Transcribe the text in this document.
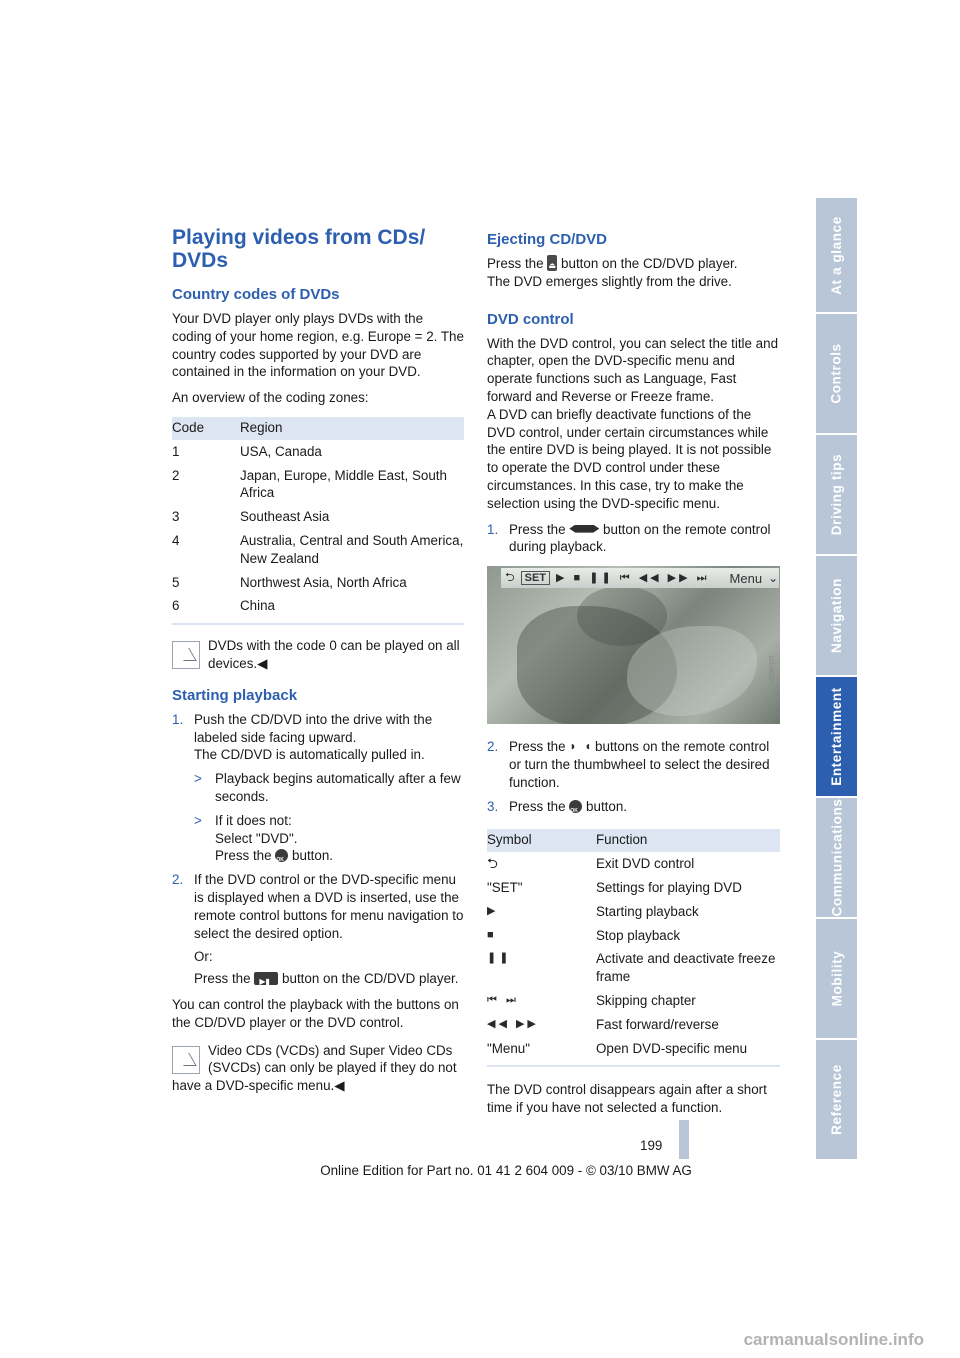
At a glance
Controls
Driving tips
Navigation
Entertainment
Communications
Mobility
Reference
Playing videos from CDs/ DVDs
Country codes of DVDs

Your DVD player only plays DVDs with the coding of your home region, e.g. Europe = 2. The country codes supported by your DVD are contained in the information on your DVD.

An overview of the coding zones:

Code	Region
1	USA, Canada
2	Japan, Europe, Middle East, South Africa
3	Southeast Asia
4	Australia, Central and South America, New Zealand
5	Northwest Asia, North Africa
6	China
DVDs with the code 0 can be played on all devices.◀
Starting playback
1. Push the CD/DVD into the drive with the labeled side facing upward.
The CD/DVD is automatically pulled in.
> Playback begins automatically after a few seconds.
> If it does not:
Select "DVD".
Press the OK button.
2. If the DVD control or the DVD-specific menu is displayed when a DVD is inserted, use the remote control buttons for menu navigation to select the desired option.

Or:

Press the ▶▮ button on the CD/DVD player.

You can control the playback with the buttons on the CD/DVD player or the DVD control.

Video CDs (VCDs) and Super Video CDs (SVCDs) can only be played if they do not
have a DVD-specific menu.◀
Ejecting CD/DVD

Press the ⏏ button on the CD/DVD player.
The DVD emerges slightly from the drive.

DVD control

With the DVD control, you can select the title and chapter, open the DVD-specific menu and operate functions such as Language, Fast forward and Reverse or Freeze frame.
A DVD can briefly deactivate functions of the DVD control, under certain circumstances while the entire DVD is being played. It is not possible to operate the DVD control under these circumstances. In this case, try to make the selection using the DVD-specific menu.

1. Press the	button on the remote control during playback.
⮌ SET ▶ ■ ❚❚ ⏮ ◀◀ ▶▶ ⏭ Menu ⌄
V2360105
2. Press the ◗ ◖ buttons on the remote control or turn the thumbwheel to select the desired function.
3. Press the OK button.
Symbol	Function
⮌	Exit DVD control
"SET"	Settings for playing DVD
▶	Starting playback
■	Stop playback
❚❚	Activate and deactivate freeze frame
⏮ ⏭	Skipping chapter
◀◀ ▶▶	Fast forward/reverse
"Menu"	Open DVD-specific menu

The DVD control disappears again after a short time if you have not selected a function.

199
Online Edition for Part no. 01 41 2 604 009 - © 03/10 BMW AG
carmanualsonline.info
